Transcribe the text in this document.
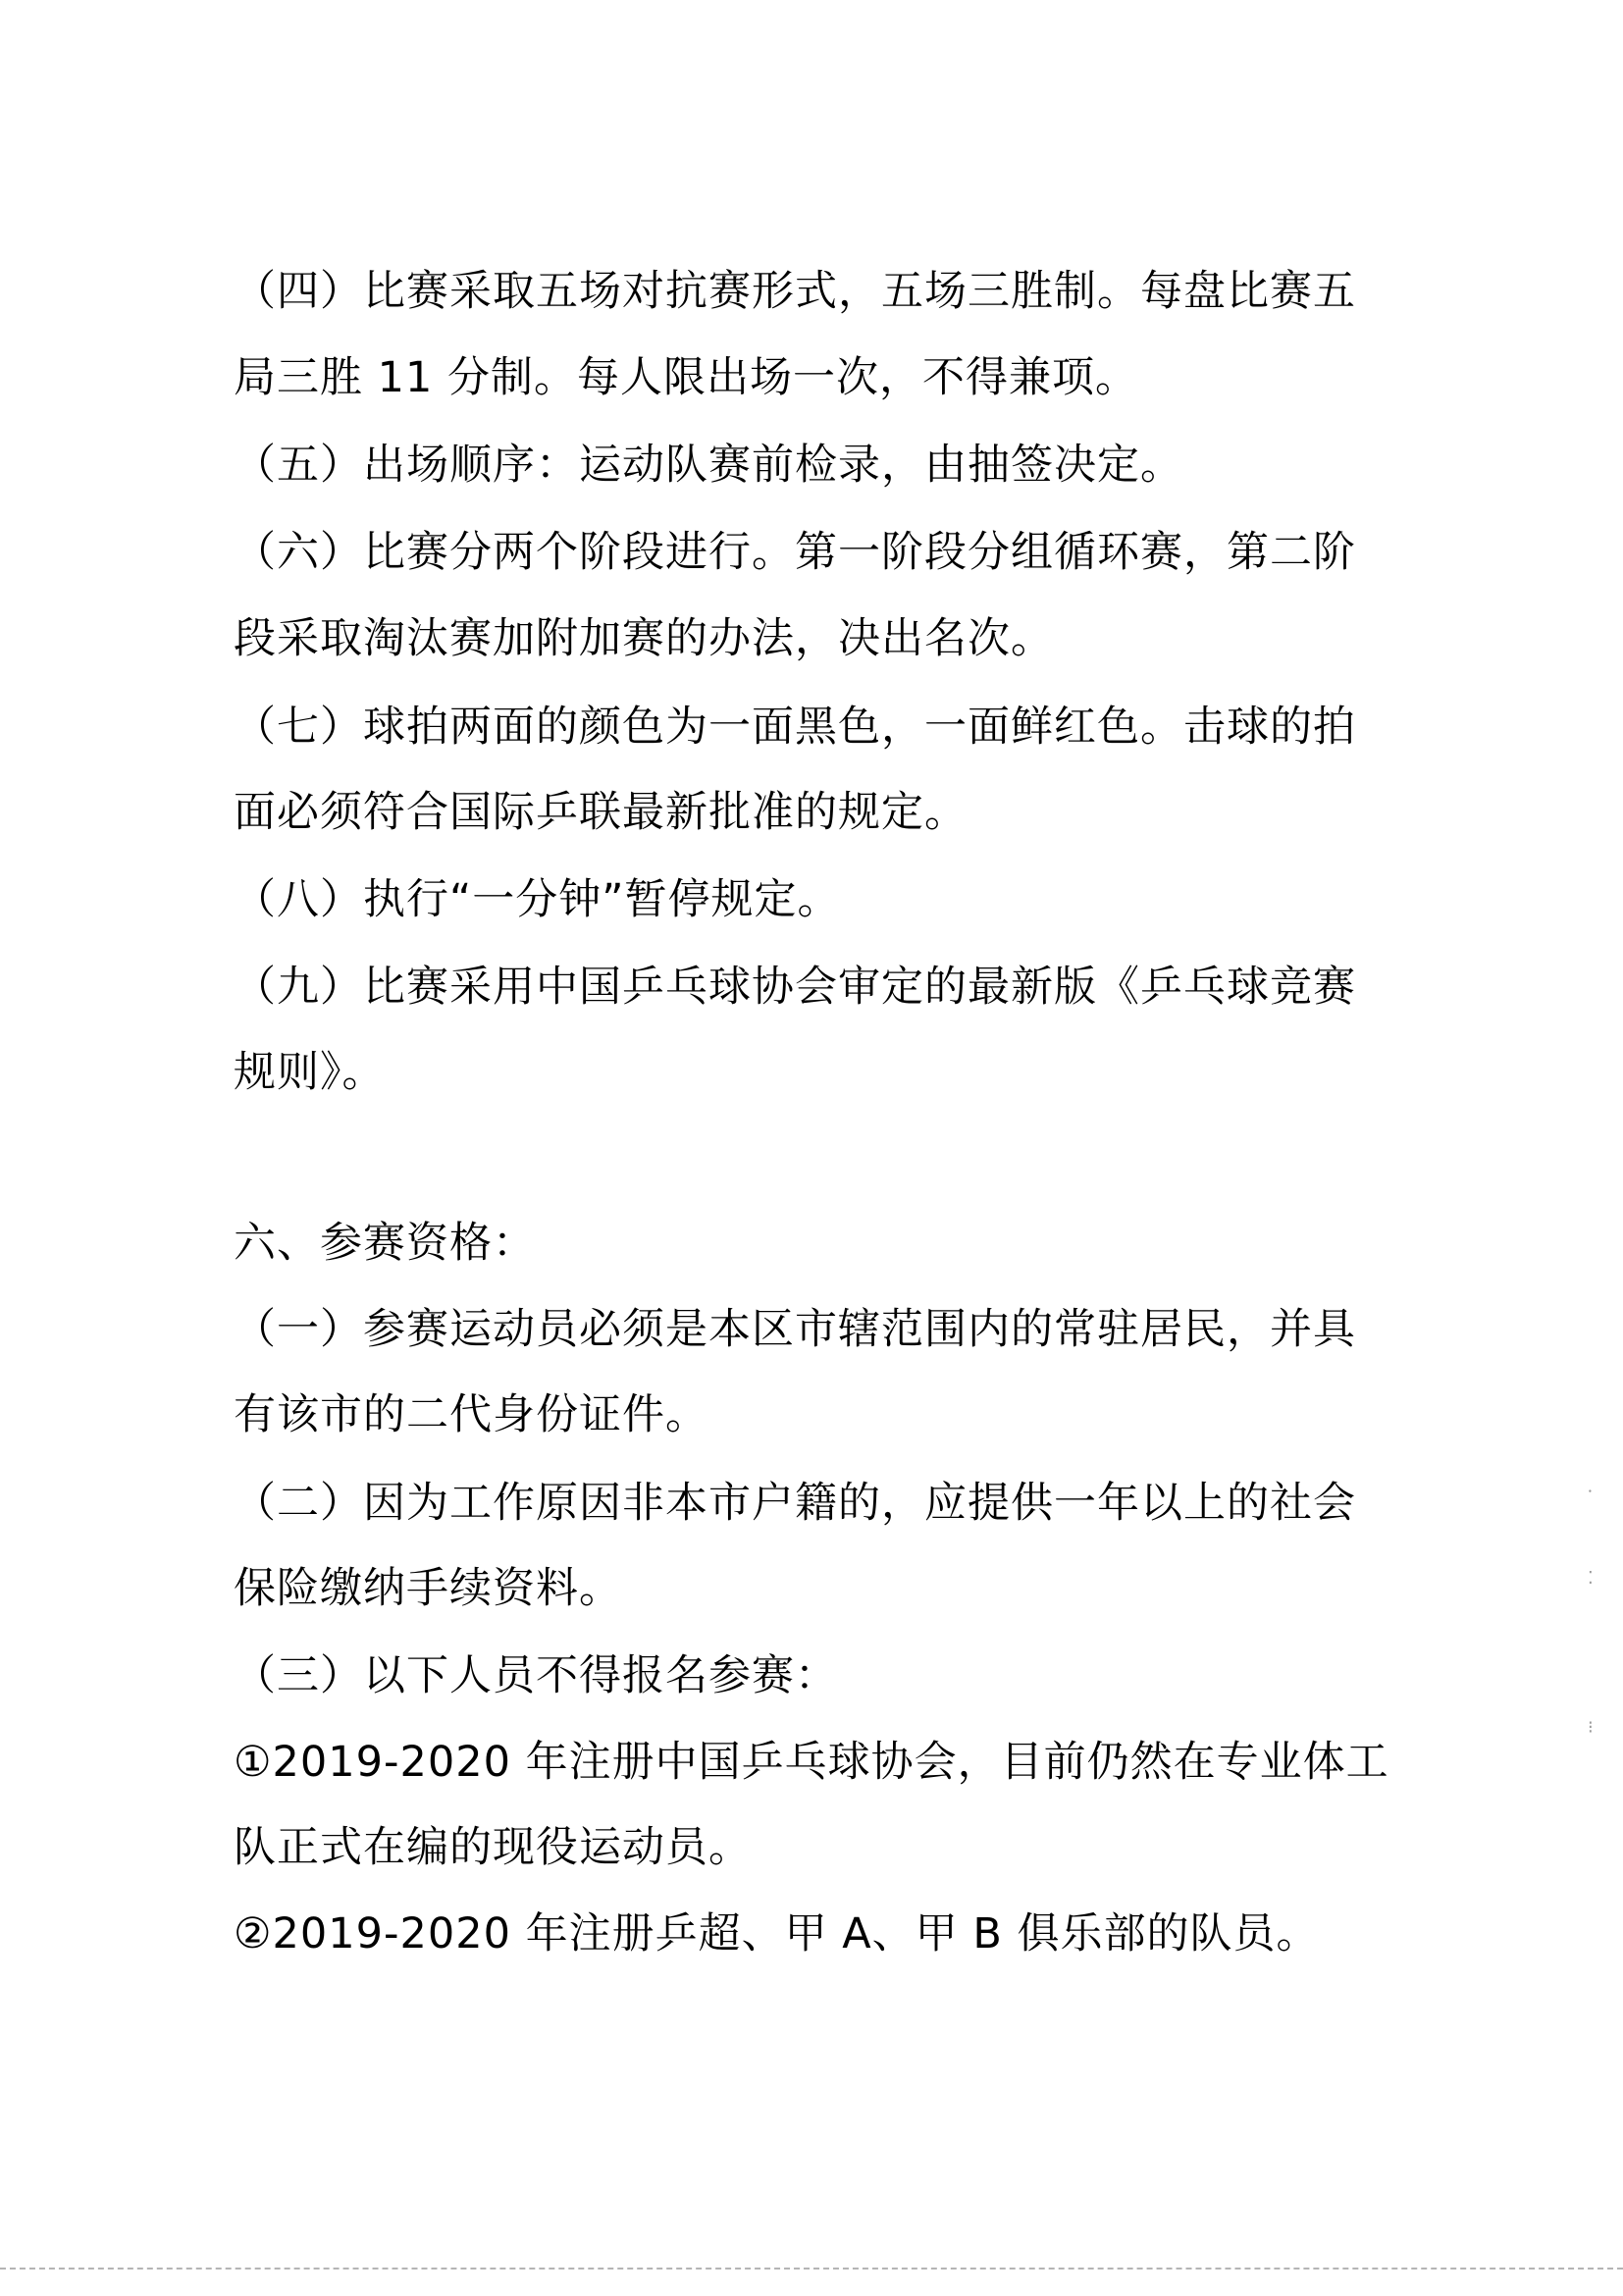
（四）比赛采取五场对抗赛形式，五场三胜制。每盘比赛五
局三胜 11 分制。每人限出场一次，不得兼项。
（五）出场顺序：运动队赛前检录，由抽签决定。
（六）比赛分两个阶段进行。第一阶段分组循环赛，第二阶
段采取淘汰赛加附加赛的办法，决出名次。
（七）球拍两面的颜色为一面黑色，一面鲜红色。击球的拍
面必须符合国际乒联最新批准的规定。
（八）执行“一分钟”暂停规定。
（九）比赛采用中国乒乓球协会审定的最新版《乒乓球竞赛
规则》。
六、参赛资格：
（一）参赛运动员必须是本区市辖范围内的常驻居民，并具
有该市的二代身份证件。
（二）因为工作原因非本市户籍的，应提供一年以上的社会
保险缴纳手续资料。
（三）以下人员不得报名参赛：
①2019-2020 年注册中国乒乓球协会，目前仍然在专业体工
队正式在编的现役运动员。
②2019-2020 年注册乒超、甲 A、甲 B 俱乐部的队员。
⸱
⁚
⁝
